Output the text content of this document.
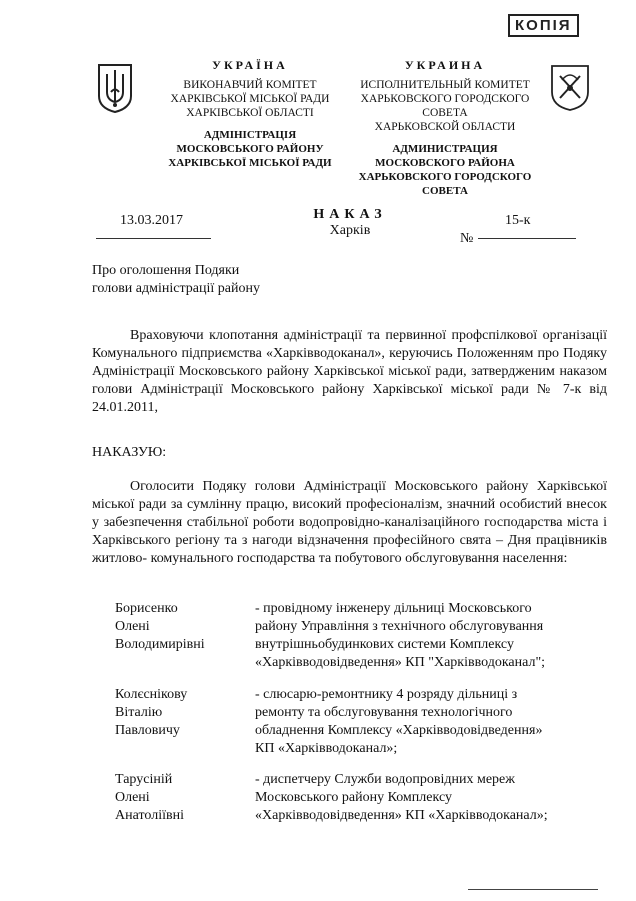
КОПІЯ
УКРАЇНА
ВИКОНАВЧИЙ КОМІТЕТ
ХАРКІВСЬКОЇ МІСЬКОЇ РАДИ
ХАРКІВСЬКОЇ ОБЛАСТІ
АДМІНІСТРАЦІЯ
МОСКОВСЬКОГО РАЙОНУ
ХАРКІВСЬКОЇ МІСЬКОЇ РАДИ
УКРАИНА
ИСПОЛНИТЕЛЬНЫЙ КОМИТЕТ
ХАРЬКОВСКОГО ГОРОДСКОГО СОВЕТА
ХАРЬКОВСКОЙ ОБЛАСТИ
АДМИНИСТРАЦИЯ
МОСКОВСКОГО РАЙОНА
ХАРЬКОВСКОГО ГОРОДСКОГО СОВЕТА
13.03.2017	НАКАЗ
Харків
15-к
№
Про оголошення Подяки
голови адміністрації району

Враховуючи клопотання адміністрації та первинної профспілкової організації Комунального підприємства «Харківводоканал», керуючись Положенням про Подяку Адміністрації Московського району Харківської міської ради, затвердженим наказом голови Адміністрації Московського району Харківської міської ради № 7-к від 24.01.2011,

НАКАЗУЮ:

Оголосити Подяку голови Адміністрації Московського району Харківської міської ради за сумлінну працю, високий професіоналізм, значний особистий внесок у забезпечення стабільної роботи водопровідно-каналізаційного господарства міста і Харківського регіону та з нагоди відзначення професійного свята – Дня працівників житлово- комунального господарства та побутового обслуговування населення:

Борисенко
Олені
Володимирівні
- провідному інженеру дільниці Московського
району Управління з технічного обслуговування
внутрішньобудинкових системи Комплексу
«Харківводовідведення» КП "Харківводоканал";
Колєснікову
Віталію
Павловичу
- слюсарю-ремонтнику 4 розряду дільниці з
ремонту та обслуговування технологічного
обладнення Комплексу «Харківводовідведення»
КП «Харківводоканал»;
Тарусіній
Олені
Анатоліївні
- диспетчеру Служби водопровідних мереж
Московського району Комплексу
«Харківводовідведення» КП «Харківводоканал»;
